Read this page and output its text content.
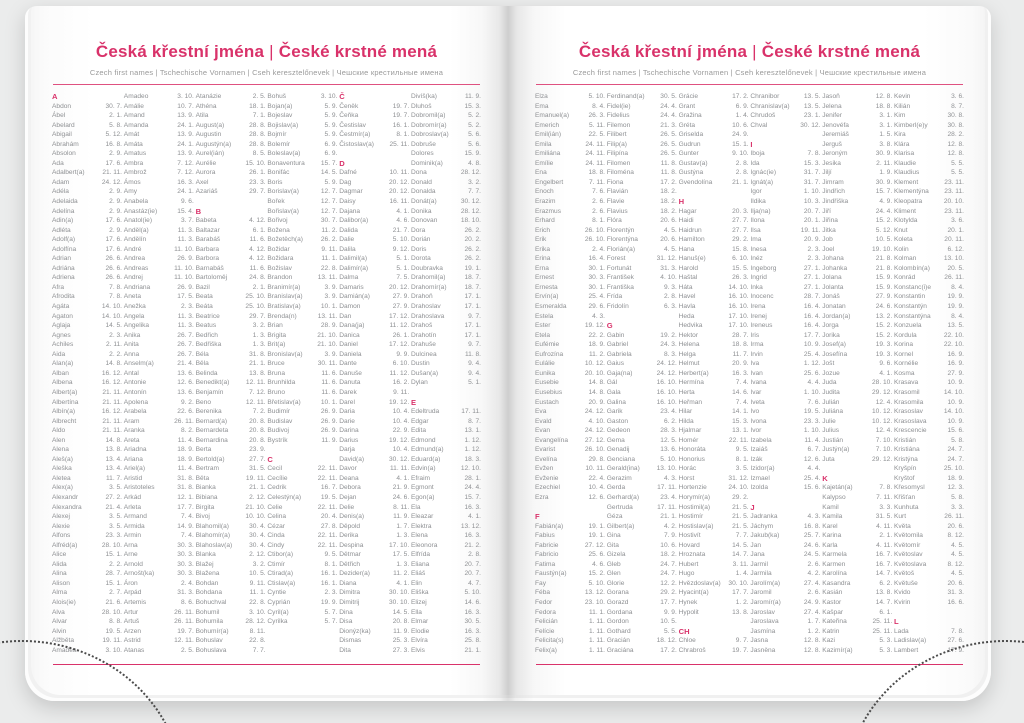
Česká křestní jména | České krstné mená
Czech first names | Tschechische Vornamen | Cseh keresztelőnevek | Чешские крестильные имена
A
Abdon	30. 7.
Ábel	2. 1.
Abelard	5. 8.
Abigail	5. 12.
Abrahám	16. 8.
Absolon	2. 9.
Ada	17. 6.
Adalbert(a)	21. 11.
Adam	24. 12.
Adéla	2. 9.
Adelaida	2. 9.
Adelína	2. 9.
Adin(a)	17. 6.
Adléta	2. 9.
Adolf(a)	17. 6.
Adolfína	17. 6.
Adrian	26. 6.
Adriána	26. 6.
Adriena	26. 6.
Afra	7. 8.
Afrodita	7. 8.
Agáta	14. 10.
Agaton	14. 10.
Aglaja	14. 5.
Agnes	2. 3.
Achiles	2. 11.
Aida	2. 2.
Alan(a)	14. 8.
Alban	16. 12.
Albena	16. 12.
Albert(a)	21. 11.
Albertína	21. 11.
Albín(a)	16. 12.
Albrecht	21. 11.
Aldo	21. 11.
Alen	14. 8.
Alena	13. 8.
Aleš(a)	13. 4.
Aleška	13. 4.
Aletea	11. 7.
Alex(a)	3. 5.
Alexandr	27. 2.
Alexandra	21. 4.
Alexej	3. 5.
Alexie	3. 5.
Alfons	23. 3.
Alfréd(a)	28. 10.
Alice	15. 1.
Alida	2. 2.
Alina	28. 7.
Alison	15. 1.
Alma	2. 7.
Alois(ie)	21. 6.
Alva	28. 10.
Alvar	8. 8.
Alvin	19. 5.
Alžběta	19. 11.
Amadea	3. 10.
Amadeo	3. 10.
Amálie	10. 7.
Amand	13. 9.
Amanda	24. 1.
Amát	13. 9.
Amáta	24. 1.
Amatus	13. 9.
Ambra	7. 12.
Ambrož	7. 12.
Ámos	16. 3.
Amy	24. 1.
Anabela	9. 6.
Anastáz(ie)	15. 4.
Anatol(ie)	3. 7.
Anděl(a)	11. 3.
Andělín	11. 3.
André	11. 10.
Andrea	26. 9.
Andreas	11. 10.
Andrej	11. 10.
Andriana	26. 9.
Aneta	17. 5.
Anežka	2. 3.
Angela	11. 3.
Angelika	11. 3.
Anika	26. 7.
Anita	26. 7.
Anna	26. 7.
Anselm(a)	21. 4.
Antal	13. 6.
Antonie	12. 6.
Antonín	13. 6.
Apolena	9. 2.
Arabela	22. 6.
Aram	26. 11.
Aranka	8. 2.
Areta	11. 4.
Ariadna	18. 9.
Ariana	18. 9.
Ariel(a)	11. 4.
Aristid	31. 8.
Aristoteles	31. 8.
Arkád	12. 1.
Arleta	17. 7.
Armand	7. 4.
Armida	14. 9.
Armin	7. 4.
Arna	30. 3.
Arne	30. 3.
Arnold	30. 3.
Arnošt(ka)	30. 3.
Áron	2. 4.
Arpád	31. 3.
Artemis	8. 6.
Artur	26. 11.
Artuš	26. 11.
Arzen	19. 7.
Astrid	12. 11.
Atanas	2. 5.
Atanázie	2. 5.
Athéna	18. 1.
Atila	7. 1.
August(a)	28. 8.
Augustin	28. 8.
Augustýn(a)	28. 8.
Aurel(ián)	8. 5.
Aurélie	15. 10.
Aurora	26. 1.
Axel	23. 3.
Azariáš	29. 7.
B
Babeta	4. 12.
Baltazar	6. 1.
Barabáš	11. 6.
Barbara	4. 12.
Barbora	4. 12.
Barnabáš	11. 6.
Bartoloměj	24. 8.
Bazil	2. 1.
Beata	25. 10.
Beáta	25. 10.
Beatrice	29. 7.
Beatus	3. 2.
Bedřich	1. 3.
Bedřiška	1. 3.
Béla	31. 8.
Běla	21. 1.
Belinda	13. 8.
Benedikt(a)	12. 11.
Benjamín	7. 12.
Beno	12. 11.
Berenika	7. 2.
Bernard(a)	20. 8.
Bernardeta	20. 8.
Bernardina	20. 8.
Berta	23. 9.
Bertold(a)	27. 7.
Bertram	31. 5.
Běta	19. 11.
Bianka	21. 1.
Bibiana	2. 12.
Birgita	21. 10.
Bivoj	10. 10.
Blahomil(a)	30. 4.
Blahomír(a)	30. 4.
Blahoslav(a)	30. 4.
Blanka	2. 12.
Blažej	3. 2.
Blažena	10. 5.
Bohdan	9. 11.
Bohdana	11. 1.
Bohuchval	22. 8.
Bohumil	3. 10.
Bohumila	28. 12.
Bohumír(a)	8. 11.
Bohuslav	22. 8.
Bohuslava	7. 7.
Bohuš	3. 10.
Bojan(a)	5. 9.
Bojeslav	5. 9.
Bojislav(a)	5. 9.
Bojmír	5. 9.
Bolemír	6. 9.
Boleslav(a)	6. 9.
Bonaventura 15. 7.
Bonifác	14. 5.
Boris	5. 9.
Borislav(a)	12. 7.
Bořek	12. 7.
Bořislav(a)	12. 7.
Bořivoj	30. 7.
Božena	11. 2.
Božetěch(a)	26. 2.
Božidar	9. 11.
Božidara	11. 1.
Božislav	22. 8.
Brandon	13. 11.
Branimír(a)	3. 9.
Branislav(a)	3. 9.
Bratislav(a)	10. 1.
Brenda(n)	13. 11.
Brian	28. 9.
Brigita	21. 10.
Brit(a)	21. 10.
Bronislav(a)	3. 9.
Bruce	30. 11.
Bruna	11. 6.
Brunhilda	11. 6.
Bruno	11. 6.
Břetislav(a)	10. 1.
Budimír	26. 9.
Budislav	26. 9.
Budivoj	26. 9.
Bystrík	11. 9.
C
Cecil	22. 11.
Cecílie	22. 11.
Cedrik	16. 7.
Celestýn(a)	19. 5.
Celie	22. 11.
Celina	20. 4.
Cézar	27. 8.
Cinda	22. 11.
Cindy	22. 11.
Ctibor(a)	9. 5.
Ctimír	8. 1.
Ctirad(a)	16. 1.
Ctislav(a)	16. 1.
Cyntie	2. 3.
Cyprián	19. 9.
Cyril(a)	5. 7.
Cyrilka	5. 7.
Č
Čeněk	19. 7.
Čeňka	19. 7.
Čestislav	16. 1.
Čestmír(a)	8. 1.
Čistoslav(a) 25. 11.
D
Dafné	10. 11.
Dag	20. 12.
Dagmar	20. 12.
Daisy	16. 11.
Dajana	4. 1.
Dalibor(a)	4. 6.
Dalida	21. 7.
Dalie	5. 10.
Dalila	9. 12.
Dalimil(a)	5. 1.
Dalimír(a)	5. 1.
Dalma	7. 5.
Damaris	20. 12.
Damián(a)	27. 9.
Damon	27. 9.
Dan	17. 12.
Dana(ja)	11. 12.
Danica	26. 1.
Daniel	17. 12.
Daniela	9. 9.
Dante	6. 10.
Danuše	11. 12.
Danuta	16. 2.
Darek	9. 11.
Darel	19. 12.
Daria	10. 4.
Darie	10. 4.
Darina	22. 9.
Darius	19. 12.
Darja	10. 4.
David(a)	30. 12.
Davor	11. 11.
Deana	4. 1.
Debora	21. 9.
Dejan	24. 6.
Delie	8. 11.
Denis(a)	11. 9.
Děpold	1. 7.
Derika	1. 3.
Despina	17. 10.
Dětmar	17. 5.
Dětřich	1. 3.
Dezider(a)	11. 2.
Diana	4. 1.
Dimitra	30. 10.
Dimitrij	30. 10.
Dina	14. 5.
Disa	20. 8.
Dionýz(ka)	11. 9.
Dismas	25. 3.
Dita	27. 3.
Divíš(ka)	11. 9.
Dluhoš	15. 3.
Dobromil(a)	5. 2.
Dobromír(a)	5. 2.
Dobroslav(a)	5. 6.
Dobruše	5. 6.
Dolores	15. 9.
Dominik(a)	4. 8.
Dona	28. 12.
Donald	3. 2.
Donalda	7. 7.
Donát(a)	30. 12.
Donika	28. 12.
Donovan	18. 10.
Dora	26. 2.
Dorián	20. 2.
Doris	26. 2.
Dorota	26. 2.
Doubravka	19. 1.
Drahomil(a)	18. 7.
Drahomír(a)	18. 7.
Drahoň	17. 1.
Drahoslav	17. 1.
Drahoslava	9. 7.
Drahoš	17. 1.
Drahotín	17. 1.
Drahuše	9. 7.
Dulcinea	11. 8.
Dustin	9. 4.
Dušan(a)	9. 4.
Dylan	5. 1.
E
Edeltruda	17. 11.
Edgar	8. 7.
Edita	13. 1.
Edmond	1. 12.
Edmund(a)	1. 12.
Eduard(a)	18. 3.
Edvin(a)	12. 10.
Efraim	28. 1.
Egmont	24. 4.
Egon(a)	15. 7.
Ela	16. 3.
Eleazar	4. 1.
Elektra	13. 12.
Elena	16. 3.
Eleonora	21. 2.
Elfrída	2. 8.
Eliana	20. 7.
Eliáš	20. 7.
Elin	4. 7.
Eliška	5. 10.
Elizej	14. 6.
Ella	16. 3.
Elmar	30. 5.
Elodie	16. 3.
Elvíra	25. 8.
Elvis	21. 1.
Česká křestní jména | České krstné mená
Czech first names | Tschechische Vornamen | Cseh keresztelőnevek | Чешские крестильные имена
Elza	5. 10.
Ema	8. 4.
Emanuel(a)	26. 3.
Emerich	5. 11.
Emil(ián)	22. 5.
Emila	24. 11.
Emiliána	24. 11.
Emílie	24. 11.
Ena	18. 8.
Engelbert	7. 11.
Enoch	7. 6.
Erazim	2. 6.
Erazmus	2. 6.
Erhard	8. 1.
Erich	26. 10.
Erik	26. 10.
Erika	2. 4.
Erina	16. 4.
Erna	30. 1.
Ernest	30. 3.
Ernesta	30. 1.
Ervín(a)	25. 4.
Esmeralda	29. 6.
Estela	4. 3.
Ester	19. 12.
Etela	22. 2.
Eufémie	18. 9.
Eufrozína	11. 2.
Eulálie	10. 12.
Eunika	20. 10.
Eusebie	14. 8.
Eusebius	14. 8.
Eustach	20. 9.
Eva	24. 12.
Evald	4. 10.
Evan	24. 12.
Evangelína	27. 12.
Evarist	26. 10.
Evelína	29. 8.
Evžen	10. 11.
Evženie	22. 4.
Ezechiel	10. 4.
Ezra	12. 6.
F
Fabián(a)	19. 1.
Fabius	19. 1.
Fabricie	27. 12.
Fabricio	25. 6.
Fatima	4. 6.
Faustýn(a)	15. 2.
Fay	5. 10.
Féba	13. 12.
Fedor	23. 10.
Fedora	11. 1.
Felicián	1. 11.
Felície	1. 11.
Felicita(s)	1. 11.
Felix(a)	1. 11.
Ferdinand(a) 30. 5.
Fidel(ie)	24. 4.
Fidelius	24. 4.
Filemon	21. 3.
Filibert	26. 5.
Filip(a)	26. 5.
Filipína	26. 5.
Filomen	11. 8.
Filoména	11. 8.
Fiona	17. 2.
Flavián	18. 2.
Flavie	18. 2.
Flavius	18. 2.
Flóra	20. 6.
Florentýn	4. 5.
Florentýna	20. 6.
Florián(a)	4. 5.
Forest	31. 12.
Fortunát	31. 3.
František	4. 10.
Františka	9. 3.
Frída	2. 8.
Fridolín	6. 3.
G
Gabin	19. 2.
Gabriel	24. 3.
Gabriela	8. 3.
Gaius	24. 12.
Gaja(na)	24. 12.
Gál	16. 10.
Gala	16. 10.
Galina	16. 10.
Garik	23. 4.
Gaston	6. 2.
Gedeon	28. 3.
Gema	12. 5.
Genadij	13. 6.
Genciana	5. 10.
Gerald(ina)	13. 10.
Gerazim	4. 3.
Gerda	17. 11.
Gerhard(a)	23. 4.
Gertruda	17. 11.
Géza	21. 1.
Gilbert(a)	4. 2.
Gina	7. 9.
Gita	10. 6.
Gizela	18. 2.
Gleb	24. 7.
Glen	24. 7.
Glorie	12. 2.
Gorana	29. 2.
Gorazd	17. 7.
Gordana	9. 9.
Gordon	10. 5.
Gothard	5. 5.
Gracián	18. 12.
Graciána	17. 2.
Grácie	17. 2.
Grant	6. 9.
Gražina	1. 4.
Gréta	10. 6.
Griselda	24. 9.
Gudrun	15. 1.
Gunter	9. 10.
Gustav(a)	2. 8.
Gustýna	2. 8.
Gvendolína	21. 1.
H
Hagar	20. 3.
Haidi	27. 7.
Haidrun	27. 7.
Hamilton	29. 2.
Hana	15. 8.
Hanuš(e)	6. 10.
Harold	15. 5.
Haštal	26. 3.
Háta	14. 10.
Havel	16. 10.
Havla	16. 10.
Heda	17. 10.
Hedvika	17. 10.
Hektor	28. 7.
Helena	18. 8.
Helga	11. 7.
Helmut	20. 9.
Herbert(a)	16. 3.
Hermína	7. 4.
Herta	14. 6.
Heřman	7. 4.
Hilar	14. 1.
Hilda	15. 3.
Hjalmar	13. 1.
Homér	22. 11.
Honoráta	9. 5.
Honorius	8. 1.
Horác	3. 5.
Horst	31. 12.
Hortenzie	24. 10.
Horymír(a)	29. 2.
Hostimil(a)	21. 5.
Hostimír	21. 5.
Hostislav(a)	21. 5.
Hostivít	7. 7.
Hovard	14. 5.
Hroznata	14. 7.
Hubert	3. 11.
Hugo	1. 4.
Hvězdoslav(a) 30. 10.
Hyacint(a)	17. 7.
Hynek	1. 2.
Hypolit	13. 8.
CH
Chloe	9. 7.
Chrabroš	19. 7.
Chranibor	13. 5.
Chranislav(a) 13. 5.
Chrudoš	23. 1.
Chval	30. 12.
I
Iboja	7. 8.
Ida	15. 3.
Ignác(ie)	31. 7.
Ignát(a)	31. 7.
Igor	1. 10.
Ildika	10. 3.
Ilja(na)	20. 7.
Ilona	20. 1.
Ilsa	19. 11.
Ima	20. 9.
Inesa	2. 3.
Inéz	2. 3.
Ingeborg	27. 1.
Ingrid	27. 1.
Inka	27. 1.
Inocenc	28. 7.
Irena	16. 4.
Irenej	16. 4.
Ireneus	16. 4.
Iris	17. 7.
Irma	10. 9.
Irvin	25. 4.
Iva	1. 12.
Ivan	25. 6.
Ivana	4. 4.
Ivar	1. 10.
Iveta	7. 6.
Ivo	19. 5.
Ivona	23. 3.
Ivor	1. 10.
Izabela	11. 4.
Izaiáš	6. 7.
Izák	12. 6.
Izidor(a)	4. 4.
Izmael	25. 4.
Izolda	15. 6.
J
Jadranka	4. 3.
Jáchym	16. 8.
Jakub(ka)	25. 7.
Jan	24. 6.
Jana	24. 5.
Jarmil	2. 6.
Jarmila	4. 2.
Jarolím(a)	27. 4.
Jaromil	2. 6.
Jaromír(a)	24. 9.
Jaroslav	27. 4.
Jaroslava	1. 7.
Jasmína	1. 2.
Jasna	12. 8.
Jasněna	12. 8.
Jasoň	12. 8.
Jelena	18. 8.
Jenifer	3. 1.
Jenovéfa	3. 1.
Jeremiáš	1. 5.
Jerguš	3. 8.
Jeroným	30. 9.
Jesika	2. 11.
Jiljí	1. 9.
Jimram	30. 9.
Jindřich	15. 7.
Jindřiška	4. 9.
Jiří	24. 4.
Jiřina	15. 2.
Jitka	5. 12.
Job	10. 5.
Joel	19. 10.
Johana	21. 8.
Johanka	21. 8.
Jolana	15. 9.
Jolanta	15. 9.
Jonáš	27. 9.
Jonatan	24. 6.
Jordan(a)	13. 2.
Jorga	15. 2.
Jorika	15. 2.
Josef(a)	19. 3.
Josefína	19. 3.
Jošt	9. 6.
Jozue	4. 1.
Juda	28. 10.
Judita	29. 12.
Julián	12. 4.
Juliána	10. 12.
Julie	10. 12.
Julius	12. 4.
Justián	7. 10.
Justýn(a)	7. 10.
Juta	29. 12.
K
Kajetán(a)	7. 8.
Kalypso	7. 11.
Kamil	3. 3.
Kamila	31. 5.
Karel	4. 11.
Karina	2. 1.
Karla	4. 11.
Karmela	16. 7.
Karmen	16. 7.
Karolína	14. 7.
Kasandra	6. 2.
Kasián	13. 8.
Kastor	14. 7.
Kašpar	6. 1.
Kateřina	25. 11.
Katrin	25. 11.
Kazi	5. 3.
Kazimír(a)	5. 3.
Kevin	3. 6.
Kilián	8. 7.
Kim	30. 8.
Kimberl(e)y	30. 8.
Kira	28. 2.
Klára	12. 8.
Klarisa	12. 8.
Klaudie	5. 5.
Klaudius	5. 5.
Klement	23. 11.
Klementýna 23. 11.
Kleopatra	20. 10.
Kliment	23. 11.
Klotylda	3. 6.
Knut	20. 1.
Koleta	20. 11.
Kolin	6. 12.
Kolman	13. 10.
Kolombín(a)	20. 5.
Konrád	26. 11.
Konstanc(i)e	8. 4.
Konstantin	19. 9.
Konstantýn	19. 9.
Konstantýna	8. 4.
Konzuela	13. 5.
Kordula	22. 10.
Korina	22. 10.
Kornel	16. 9.
Kornélie	16. 9.
Kosma	27. 9.
Krasava	10. 9.
Krasomil	14. 10.
Krasomila	10. 9.
Krasoslav	14. 10.
Krasoslava	10. 9.
Krescencie	15. 6.
Kristián	5. 8.
Kristiána	24. 7.
Kristýna	24. 7.
Kryšpín	25. 10.
Kryštof	18. 9.
Křesomysl	12. 3.
Křišťan	5. 8.
Kunhuta	3. 3.
Kurt	26. 11.
Květa	20. 6.
Květomila	8. 12.
Květomír	4. 5.
Květoslav	4. 5.
Květoslava	8. 12.
Květoš	4. 5.
Květuše	20. 6.
Kvido	31. 3.
Kvirin	16. 6.
L
Lada	7. 8.
Ladislav(a)	27. 6.
Lambert	17. 9.
